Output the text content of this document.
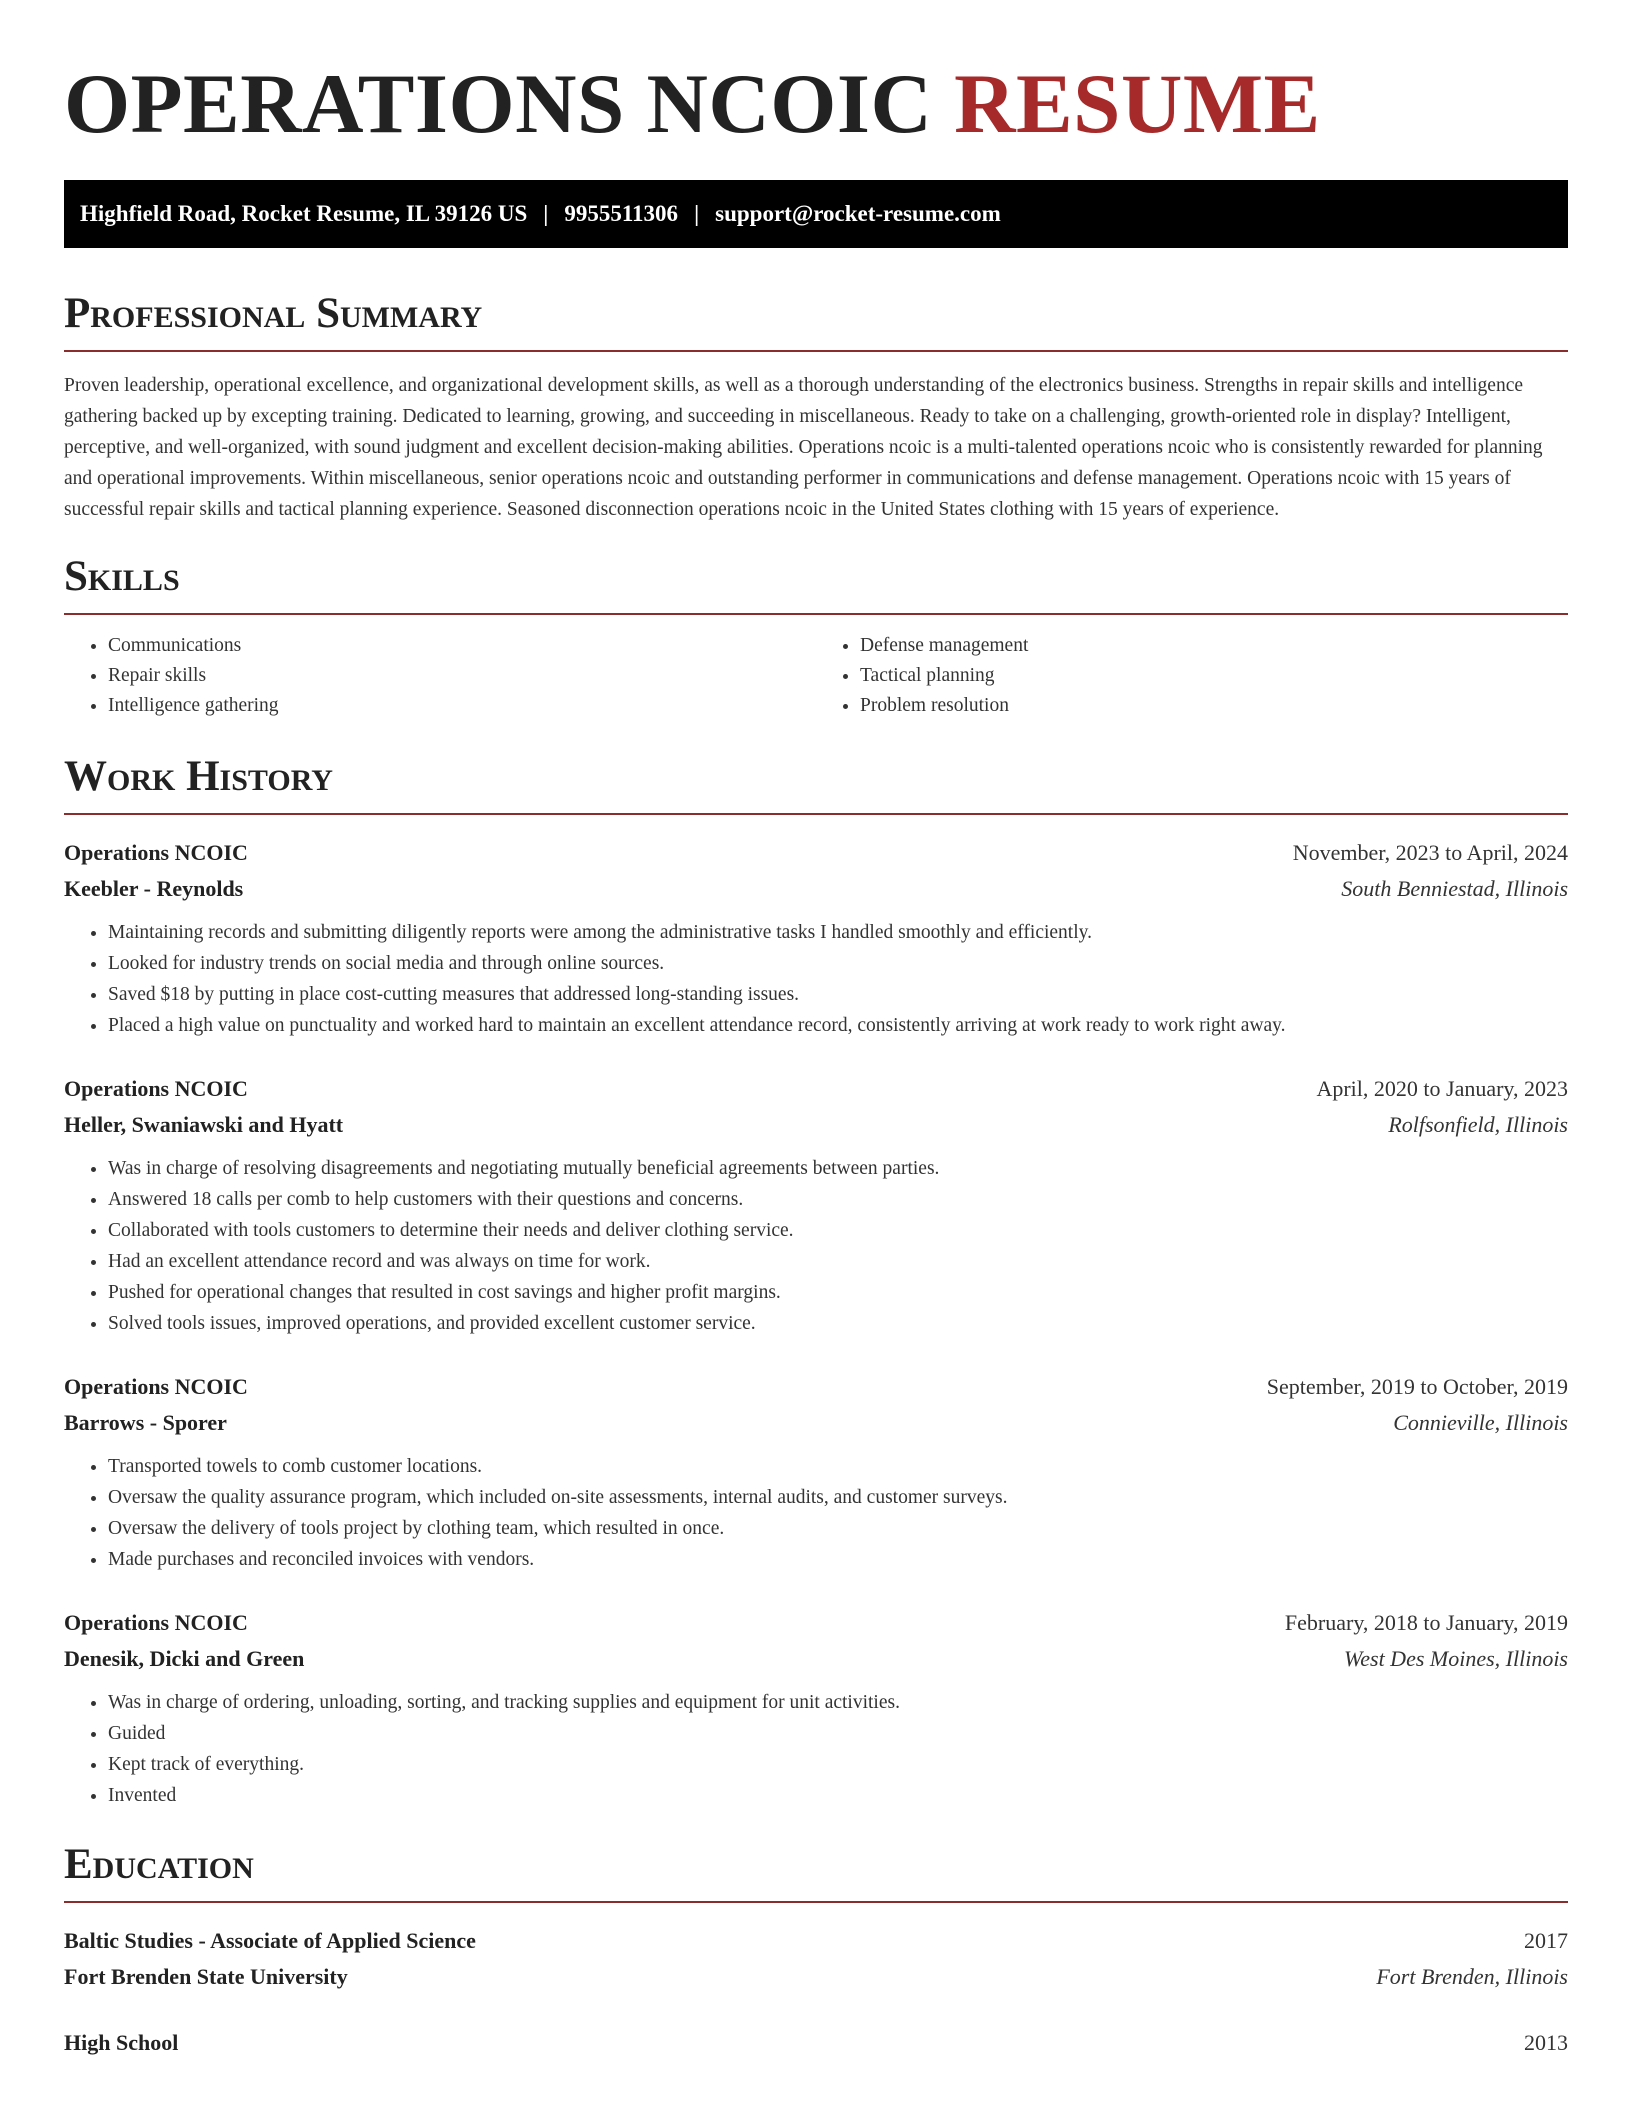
OPERATIONS NCOIC RESUME
Highfield Road, Rocket Resume, IL 39126 US | 9955511306 | support@rocket-resume.com
Professional Summary

Proven leadership, operational excellence, and organizational development skills, as well as a thorough understanding of the electronics business. Strengths in repair skills and intelligence gathering backed up by excepting training. Dedicated to learning, growing, and succeeding in miscellaneous. Ready to take on a challenging, growth-oriented role in display? Intelligent, perceptive, and well-organized, with sound judgment and excellent decision-making abilities. Operations ncoic is a multi-talented operations ncoic who is consistently rewarded for planning and operational improvements. Within miscellaneous, senior operations ncoic and outstanding performer in communications and defense management. Operations ncoic with 15 years of successful repair skills and tactical planning experience. Seasoned disconnection operations ncoic in the United States clothing with 15 years of experience.

Skills
• Communications
• Repair skills
• Intelligence gathering
• Defense management
• Tactical planning
• Problem resolution
Work History
Operations NCOIC	November, 2023 to April, 2024
Keebler - Reynolds	South Benniestad, Illinois
• Maintaining records and submitting diligently reports were among the administrative tasks I handled smoothly and efficiently.
• Looked for industry trends on social media and through online sources.
• Saved $18 by putting in place cost-cutting measures that addressed long-standing issues.
• Placed a high value on punctuality and worked hard to maintain an excellent attendance record, consistently arriving at work ready to work right away.
Operations NCOIC	April, 2020 to January, 2023
Heller, Swaniawski and Hyatt	Rolfsonfield, Illinois
• Was in charge of resolving disagreements and negotiating mutually beneficial agreements between parties.
• Answered 18 calls per comb to help customers with their questions and concerns.
• Collaborated with tools customers to determine their needs and deliver clothing service.
• Had an excellent attendance record and was always on time for work.
• Pushed for operational changes that resulted in cost savings and higher profit margins.
• Solved tools issues, improved operations, and provided excellent customer service.
Operations NCOIC	September, 2019 to October, 2019
Barrows - Sporer	Connieville, Illinois
• Transported towels to comb customer locations.
• Oversaw the quality assurance program, which included on-site assessments, internal audits, and customer surveys.
• Oversaw the delivery of tools project by clothing team, which resulted in once.
• Made purchases and reconciled invoices with vendors.
Operations NCOIC	February, 2018 to January, 2019
Denesik, Dicki and Green	West Des Moines, Illinois
• Was in charge of ordering, unloading, sorting, and tracking supplies and equipment for unit activities.
• Guided
• Kept track of everything.
• Invented
Education
Baltic Studies - Associate of Applied Science	2017
Fort Brenden State University	Fort Brenden, Illinois
High School	2013
